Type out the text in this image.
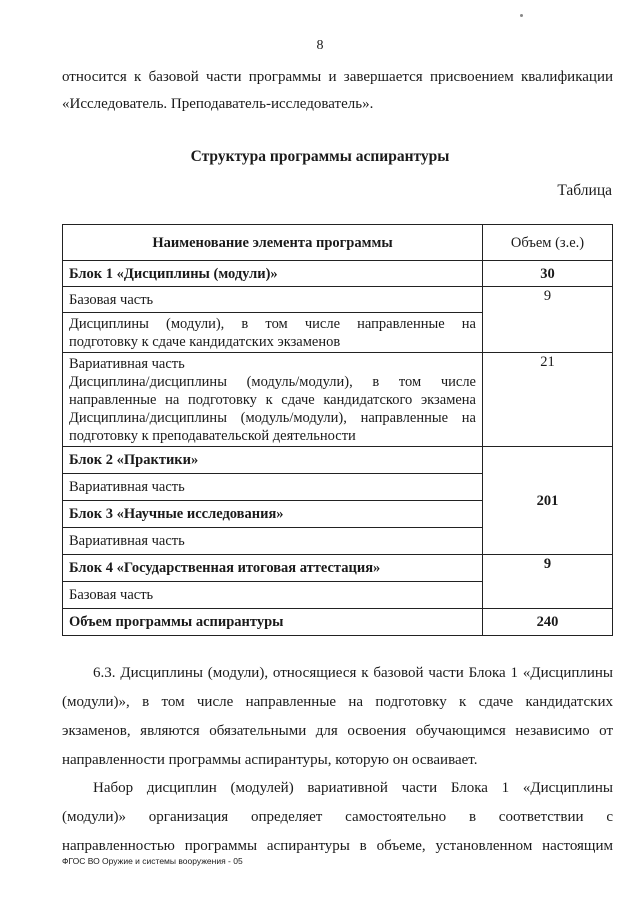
8
относится к базовой части программы и завершается присвоением квалификации
«Исследователь. Преподаватель-исследователь».
Структура программы аспирантуры
Таблица
Наименование элемента программы	Объем (з.е.)
Блок 1 «Дисциплины (модули)»	30
Базовая часть	9

Дисциплины (модули), в том числе направленные на
подготовку к сдаче кандидатских экзаменов	

Вариативная часть
Дисциплина/дисциплины (модуль/модули), в том числе
направленные на подготовку к сдаче кандидатского экзамена
Дисциплина/дисциплины (модуль/модули), направленные на
подготовку к преподавательской деятельности	21
Блок 2 «Практики»	201
Вариативная часть	
Блок 3 «Научные исследования»	
Вариативная часть	
Блок 4 «Государственная итоговая аттестация»	9
Базовая часть	
Объем программы аспирантуры	240
6.3. Дисциплины (модули), относящиеся к базовой части Блока 1 «Дисциплины
(модули)», в том числе направленные на подготовку к сдаче кандидатских
экзаменов, являются обязательными для освоения обучающимся независимо от
направленности программы аспирантуры, которую он осваивает.
Набор дисциплин (модулей) вариативной части Блока 1 «Дисциплины
(модули)» организация определяет самостоятельно в соответствии с
направленностью программы аспирантуры в объеме, установленном настоящим
ФГОС ВО Оружие и системы вооружения - 05
